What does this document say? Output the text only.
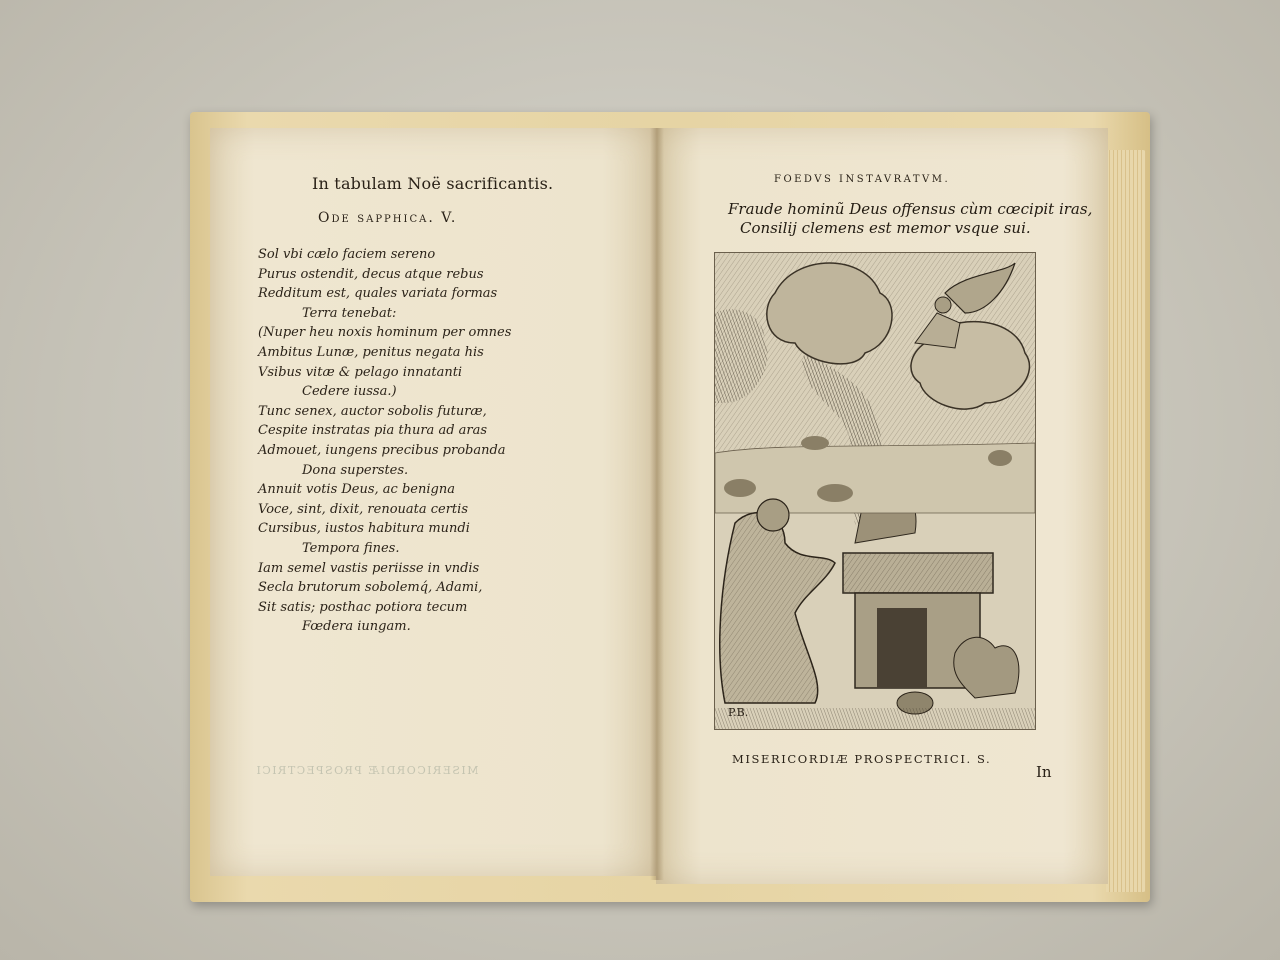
In tabulam Noë sacrificantis.
Ode sapphica. V.
Sol vbi cælo faciem sereno
Purus ostendit, decus atque rebus
Redditum est, quales variata formas
Terra tenebat:
(Nuper heu noxis hominum per omnes
Ambitus Lunæ, penitus negata his
Vsibus vitæ & pelago innatanti
Cedere iussa.)
Tunc senex, auctor sobolis futuræ,
Cespite instratas pia thura ad aras
Admouet, iungens precibus probanda
Dona superstes.
Annuit votis Deus, ac benigna
Voce, sint, dixit, renouata certis
Cursibus, iustos habitura mundi
Tempora fines.
Iam semel vastis periisse in vndis
Secla brutorum sobolemq́, Adami,
Sit satis; posthac potiora tecum
Fœdera iungam.
MISERICORDIÆ PROSPECTRICI
FOEDVS INSTAVRATVM.
Fraude hominũ Deus offensus cùm cœcipit iras,
Consilij clemens est memor vsque sui.
P.B.
MISERICORDIÆ PROSPECTRICI. S.
In
